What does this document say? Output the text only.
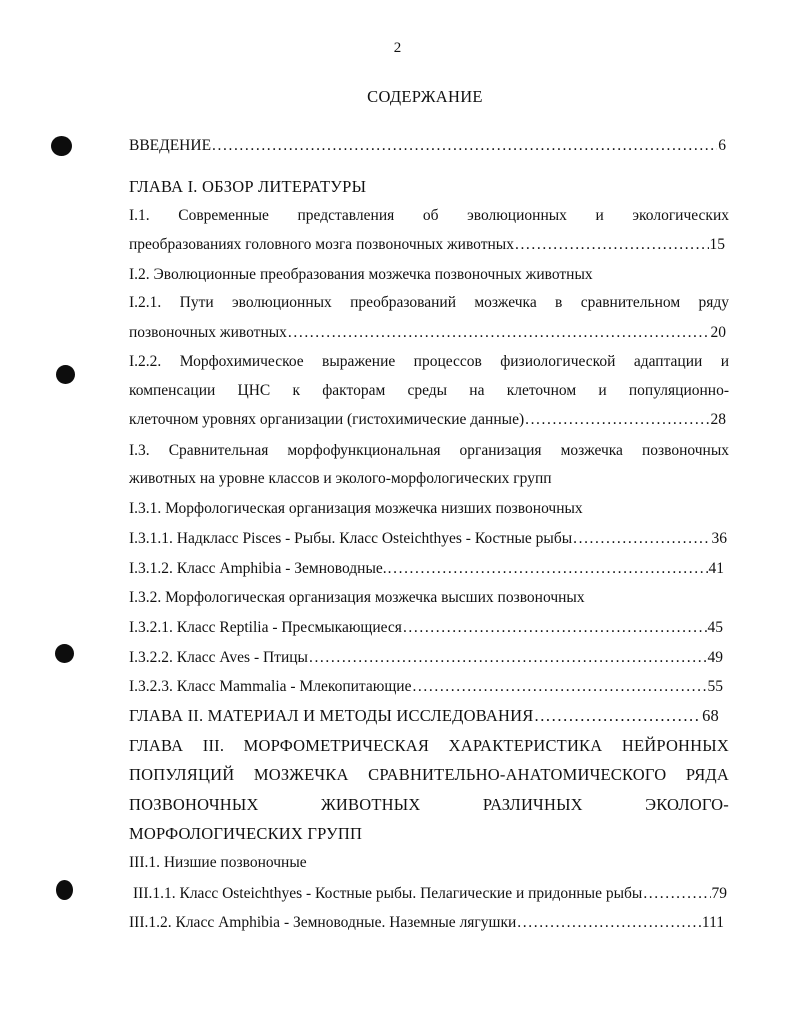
2
СОДЕРЖАНИЕ
ВВЕДЕНИЕ .....	6
ГЛАВА I. ОБЗОР ЛИТЕРАТУРЫ
I.1. Современные представления об эволюционных и экологических
преобразованиях головного мозга позвоночных животных .....	15
I.2. Эволюционные преобразования мозжечка позвоночных животных
I.2.1. Пути эволюционных преобразований мозжечка в сравнительном ряду
позвоночных животных .....	20
I.2.2. Морфохимическое выражение процессов физиологической адаптации и
компенсации ЦНС к факторам среды на клеточном и популяционно-
клеточном уровнях организации (гистохимические данные) .....	28
I.3. Сравнительная морфофункциональная организация мозжечка позвоночных
животных на уровне классов и эколого-морфологических групп
I.3.1. Морфологическая организация мозжечка низших позвоночных
I.3.1.1. Надкласс Pisces - Рыбы. Класс Osteichthyes - Костные рыбы .....	36
I.3.1.2. Класс Amphibia - Земноводные. .....	41
I.3.2. Морфологическая организация мозжечка высших позвоночных
I.3.2.1. Класс Reptilia - Пресмыкающиеся .....	45
I.3.2.2. Класс Aves - Птицы .....	49
I.3.2.3. Класс Mammalia - Млекопитающие .....	55
ГЛАВА II. МАТЕРИАЛ И МЕТОДЫ ИССЛЕДОВАНИЯ .....	68
ГЛАВА III. МОРФОМЕТРИЧЕСКАЯ ХАРАКТЕРИСТИКА НЕЙРОННЫХ
ПОПУЛЯЦИЙ МОЗЖЕЧКА СРАВНИТЕЛЬНО-АНАТОМИЧЕСКОГО РЯДА
ПОЗВОНОЧНЫХ ЖИВОТНЫХ РАЗЛИЧНЫХ ЭКОЛОГО-
МОРФОЛОГИЧЕСКИХ ГРУПП
III.1. Низшие позвоночные
III.1.1. Класс Osteichthyes - Костные рыбы. Пелагические и придонные рыбы .....	79
III.1.2. Класс Amphibia - Земноводные. Наземные лягушки .....	111
